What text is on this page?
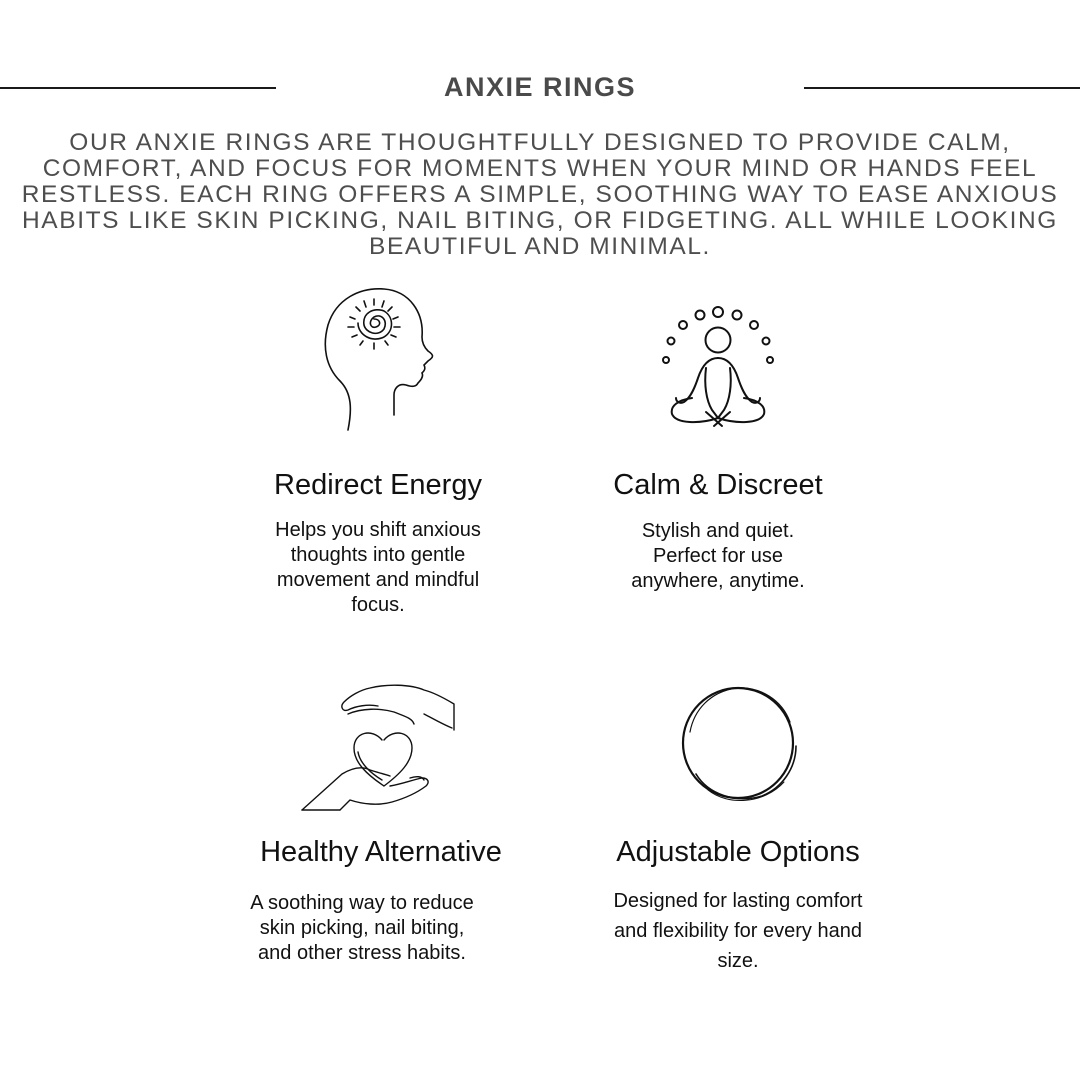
ANXIE RINGS
OUR ANXIE RINGS ARE THOUGHTFULLY DESIGNED TO PROVIDE CALM, COMFORT, AND FOCUS FOR MOMENTS WHEN YOUR MIND OR HANDS FEEL RESTLESS. EACH RING OFFERS A SIMPLE, SOOTHING WAY TO EASE ANXIOUS HABITS LIKE SKIN PICKING, NAIL BITING, OR FIDGETING. ALL WHILE LOOKING BEAUTIFUL AND MINIMAL.
Redirect Energy
Helps you shift anxious thoughts into gentle movement and mindful focus.
Calm & Discreet
Stylish and quiet. Perfect for use anywhere, anytime.
Healthy Alternative
A soothing way to reduce skin picking, nail biting, and other stress habits.
Adjustable Options
Designed for lasting comfort and flexibility for every hand size.
